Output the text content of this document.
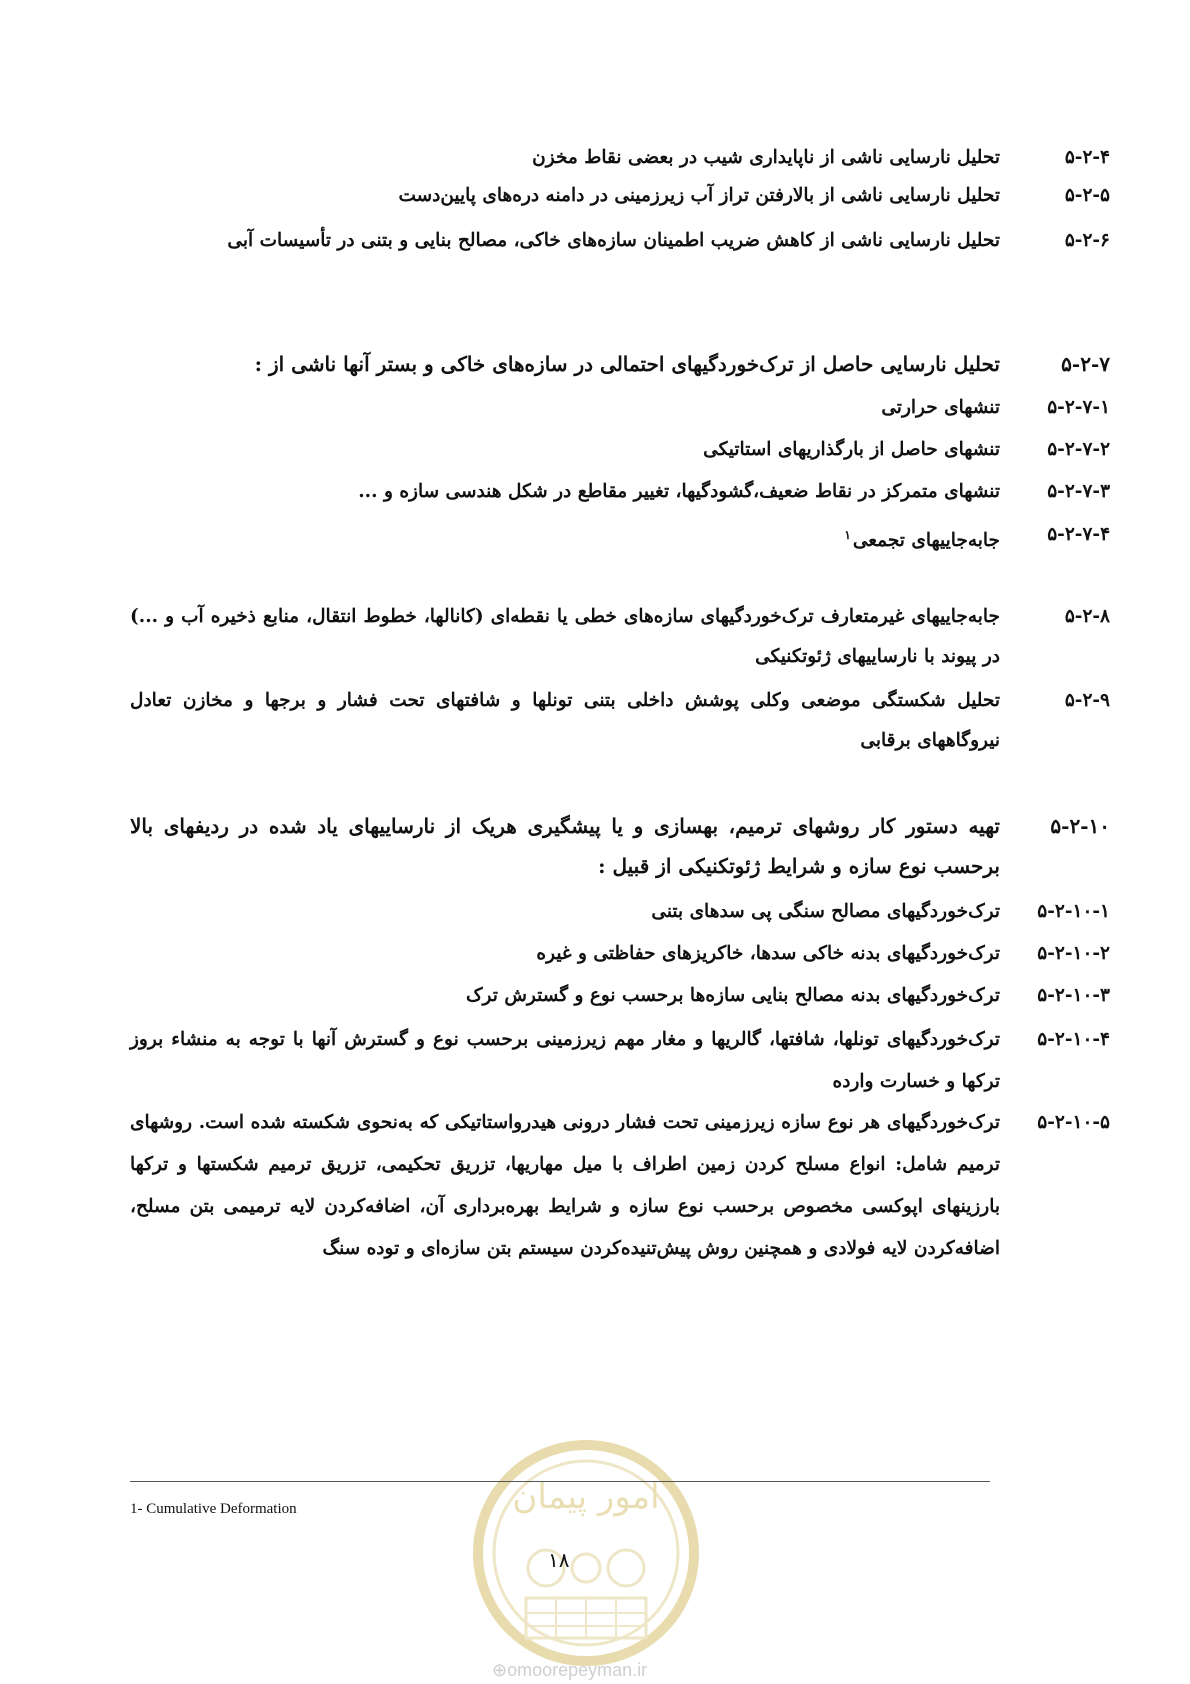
۵-۲-۴
تحلیل نارسایی ناشی از ناپایداری شیب در بعضی نقاط مخزن
۵-۲-۵
تحلیل نارسایی ناشی از بالارفتن تراز آب زیرزمینی در دامنه دره‌های پایین‌دست
۵-۲-۶
تحلیل نارسایی ناشی از کاهش ضریب اطمینان سازه‌های خاکی، مصالح بنایی و بتنی در تأسیسات آبی
۵-۲-۷
تحلیل نارسایی حاصل از ترک‌خوردگیهای احتمالی در سازه‌های خاکی و بستر آنها ناشی از :
۵-۲-۷-۱
تنشهای حرارتی
۵-۲-۷-۲
تنشهای حاصل از بارگذاریهای استاتیکی
۵-۲-۷-۳
تنشهای متمرکز در نقاط ضعیف،گشودگیها، تغییر مقاطع در شکل هندسی سازه و ...
۵-۲-۷-۴
جابه‌جاییهای تجمعی$^۱$
۵-۲-۸
جابه‌جاییهای غیرمتعارف ترک‌خوردگیهای سازه‌های خطی یا نقطه‌ای (کانالها، خطوط انتقال، منابع ذخیره آب و ...) در پیوند با نارساییهای ژئوتکنیکی
۵-۲-۹
تحلیل شکستگی موضعی وکلی پوشش داخلی بتنی تونلها و شافتهای تحت فشار و برجها و مخازن تعادل نیروگاههای برقابی
۵-۲-۱۰
تهیه دستور کار روشهای ترمیم، بهسازی و یا پیشگیری هریک از نارساییهای یاد شده در ردیفهای بالا برحسب نوع سازه و شرایط ژئوتکنیکی از قبیل :
۵-۲-۱۰-۱
ترک‌خوردگیهای مصالح سنگی پی سدهای بتنی
۵-۲-۱۰-۲
ترک‌خوردگیهای بدنه خاکی سدها، خاکریزهای حفاظتی و غیره
۵-۲-۱۰-۳
ترک‌خوردگیهای بدنه مصالح بنایی سازه‌ها برحسب نوع و گسترش ترک
۵-۲-۱۰-۴
ترک‌خوردگیهای تونلها، شافتها، گالریها و مغار مهم زیرزمینی برحسب نوع و گسترش آنها با توجه به منشاء بروز ترکها و خسارت وارده
۵-۲-۱۰-۵
ترک‌خوردگیهای هر نوع سازه زیرزمینی تحت فشار درونی هیدرواستاتیکی که به‌نحوی شکسته شده است. روشهای ترمیم شامل: انواع مسلح کردن زمین اطراف با میل مهاریها، تزریق تحکیمی، تزریق ترمیم شکستها و ترکها بارزینهای اپوکسی مخصوص برحسب نوع سازه و شرایط بهره‌برداری آن، اضافه‌کردن لایه ترمیمی بتن مسلح، اضافه‌کردن لایه فولادی و همچنین روش پیش‌تنیده‌کردن سیستم بتن سازه‌ای و توده سنگ
امور پیمان
1- Cumulative Deformation
۱۸
⊕omoorepeyman.ir
